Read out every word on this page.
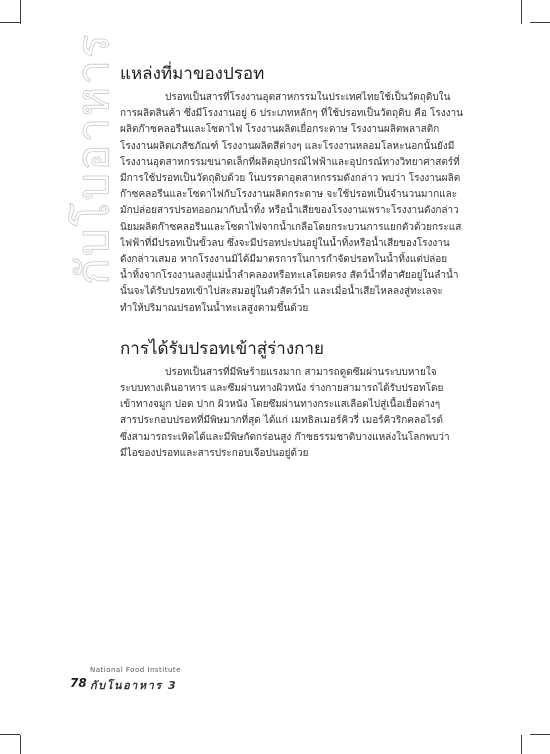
กับโบอาหาร แหล่งที่มาของปรอท
ปรอทเป็นสารที่โรงงานอุตสาหกรรมในประเทศไทยใช้เป็นวัตถุดิบใน
การผลิตสินค้า ซึ่งมีโรงงานอยู่ 6 ประเภทหลักๆ ที่ใช้ปรอทเป็นวัตถุดิบ คือ โรงงาน
ผลิตก๊าซคลอรีนและโซดาไฟ โรงงานผลิตเยื่อกระดาษ โรงงานผลิตพลาสติก
โรงงานผลิตเภสัชภัณฑ์ โรงงานผลิตสีต่างๆ และโรงงานหลอมโลหะนอกนั้นยังมี
โรงงานอุตสาหกรรมขนาดเล็กที่ผลิตอุปกรณ์ไฟฟ้าและอุปกรณ์ทางวิทยาศาสตร์ที่
มีการใช้ปรอทเป็นวัตถุดิบด้วย ในบรรดาอุตสาหกรรมดังกล่าว พบว่า โรงงานผลิต
ก๊าซคลอรีนและโซดาไฟกับโรงงานผลิตกระดาษ จะใช้ปรอทเป็นจำนวนมากและ
มักปล่อยสารปรอทออกมากับน้ำทิ้ง หรือน้ำเสียของโรงงานเพราะโรงงานดังกล่าว
นิยมผลิตก๊าซคลอรีนและโซดาไฟจากน้ำเกลือโดยกระบวนการแยกตัวด้วยกระแส
ไฟฟ้าที่มีปรอทเป็นขั้วลบ ซึ่งจะมีปรอทปะปนอยู่ในน้ำทิ้งหรือน้ำเสียของโรงงาน
ดังกล่าวเสมอ หากโรงงานมิได้มีมาตรการในการกำจัดปรอทในน้ำทิ้งแต่ปล่อย
น้ำทิ้งจากโรงงานลงสู่แม่น้ำลำคลองหรือทะเลโดยตรง สัตว์น้ำที่อาศัยอยู่ในลำน้ำ
นั้นจะได้รับปรอทเข้าไปสะสมอยู่ในตัวสัตว์น้ำ และเมื่อน้ำเสียไหลลงสู่ทะเลจะ
ทำให้ปริมาณปรอทในน้ำทะเลสูงตามขึ้นด้วย
การได้รับปรอทเข้าสู่ร่างกาย
ปรอทเป็นสารที่มีพิษร้ายแรงมาก สามารถดูดซึมผ่านระบบหายใจ
ระบบทางเดินอาหาร และซึมผ่านทางผิวหนัง ร่างกายสามารถได้รับปรอทโดย
เข้าทางจมูก ปอด ปาก ผิวหนัง โดยซึมผ่านทางกระแสเลือดไปสู่เนื้อเยื่อต่างๆ
สารประกอบปรอทที่มีพิษมากที่สุด ได้แก่ เมทธิลเมอร์คิวรี่ เมอร์คิวริกคลอไรด์
ซึ่งสามารถระเหิดได้และมีพิษกัดกร่อนสูง ก๊าซธรรมชาติบางแหล่งในโลกพบว่า
มีไอของปรอทและสารประกอบเจือปนอยู่ด้วย
78
National Food Institute
กับโนอาหาร 3
